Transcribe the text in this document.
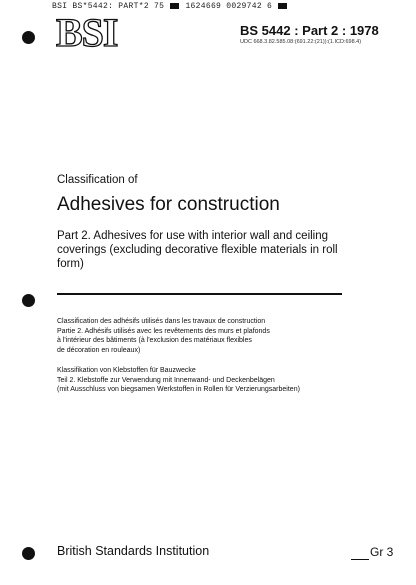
BSI BS*5442: PART*2 75	1624669 0029742 6
BSI	BS 5442 : Part 2 : 1978
UDC 668.3.82.585.08:(691.22:(21)):(1.ICD:698.4)
Classification of
Adhesives for construction
Part 2. Adhesives for use with interior wall and ceiling coverings (excluding decorative flexible materials in roll form)
Classification des adhésifs utilisés dans les travaux de construction
Partie 2. Adhésifs utilisés avec les revêtements des murs et plafonds
à l'intérieur des bâtiments (à l'exclusion des matériaux flexibles
de décoration en rouleaux)
Klassifikation von Klebstoffen für Bauzwecke
Teil 2. Klebstoffe zur Verwendung mit Innenwand- und Deckenbelägen
(mit Ausschluss von biegsamen Werkstoffen in Rollen für Verzierungsarbeiten)
British Standards Institution	Gr 3
